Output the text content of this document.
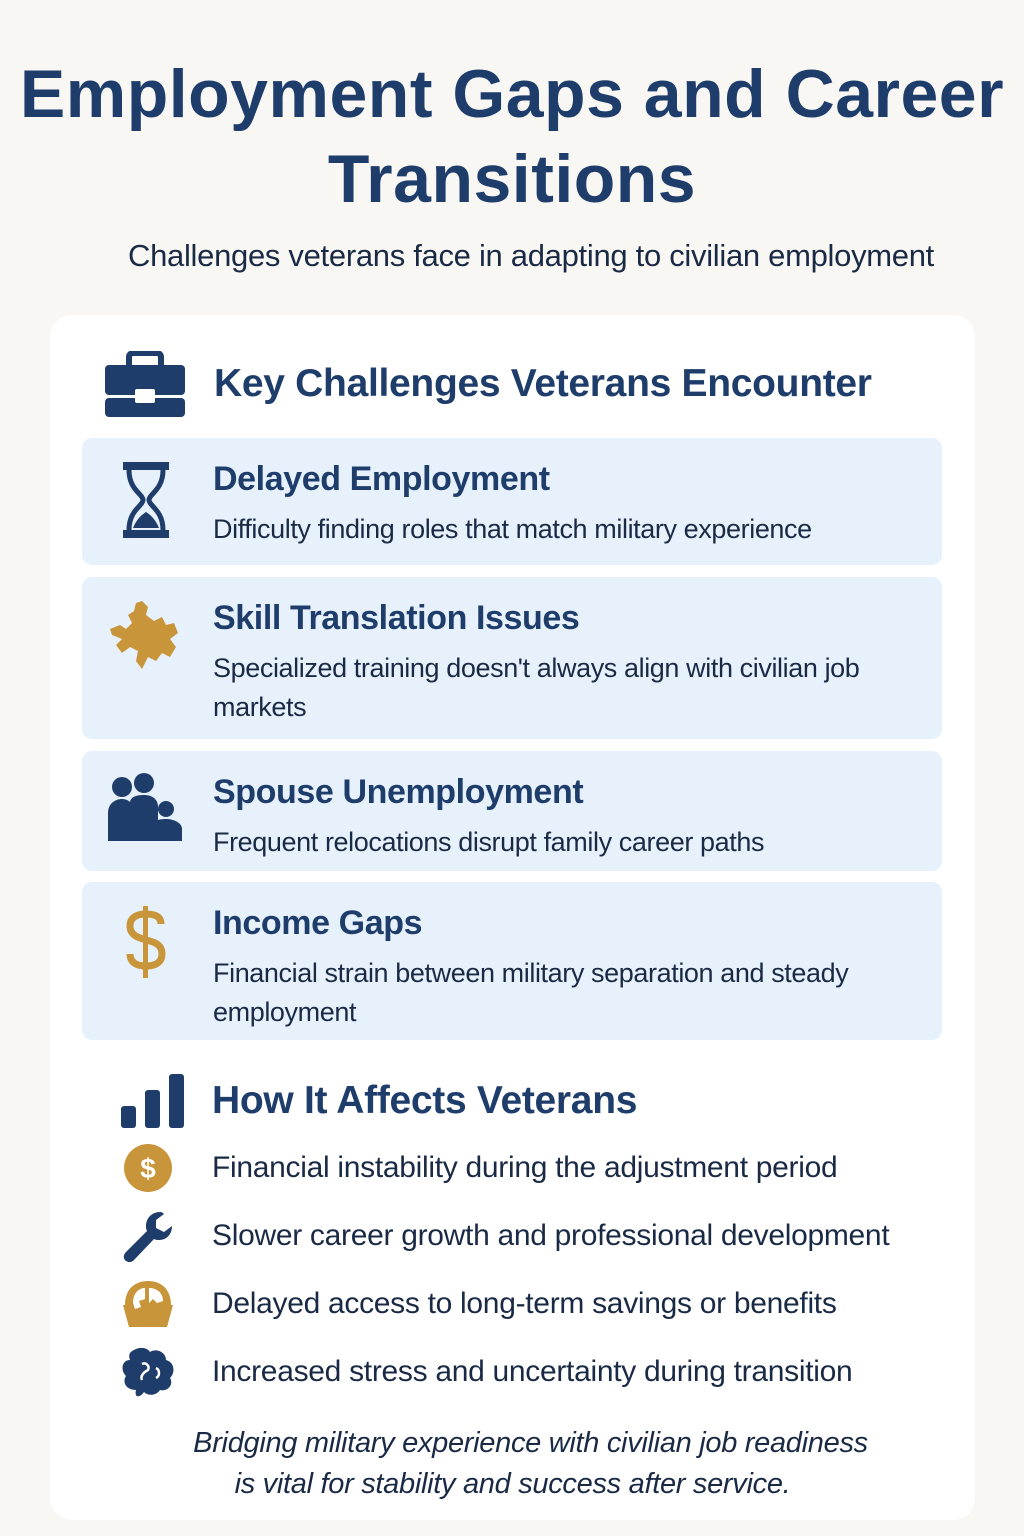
Employment Gaps and Career Transitions
Challenges veterans face in adapting to civilian employment
Key Challenges Veterans Encounter
Delayed Employment
Difficulty finding roles that match military experience
Skill Translation Issues
Specialized training doesn't always align with civilian job markets
Spouse Unemployment
Frequent relocations disrupt family career paths
Income Gaps
Financial strain between military separation and steady employment
How It Affects Veterans
$ Financial instability during the adjustment period
Slower career growth and professional development
Delayed access to long-term savings or benefits
Increased stress and uncertainty during transition
Bridging military experience with civilian job readiness
is vital for stability and success after service.
